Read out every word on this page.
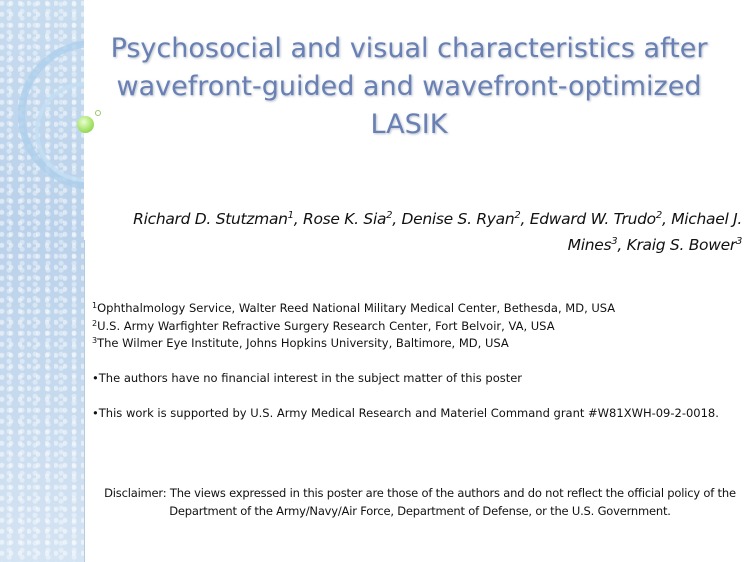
Psychosocial and visual characteristics after wavefront-guided and wavefront-optimized LASIK
Richard D. Stutzman$^1$, Rose K. Sia$^2$, Denise S. Ryan$^2$, Edward W. Trudo$^2$, Michael J. Mines$^3$, Kraig S. Bower$^3$
$^1$Ophthalmology Service, Walter Reed National Military Medical Center, Bethesda, MD, USA
$^2$U.S. Army Warfighter Refractive Surgery Research Center, Fort Belvoir, VA, USA
$^3$The Wilmer Eye Institute, Johns Hopkins University, Baltimore, MD, USA
•The authors have no financial interest in the subject matter of this poster
•This work is supported by U.S. Army Medical Research and Materiel Command grant #W81XWH-09-2-0018.
Disclaimer: The views expressed in this poster are those of the authors and do not reflect the official policy of the Department of the Army/Navy/Air Force, Department of Defense, or the U.S. Government.
